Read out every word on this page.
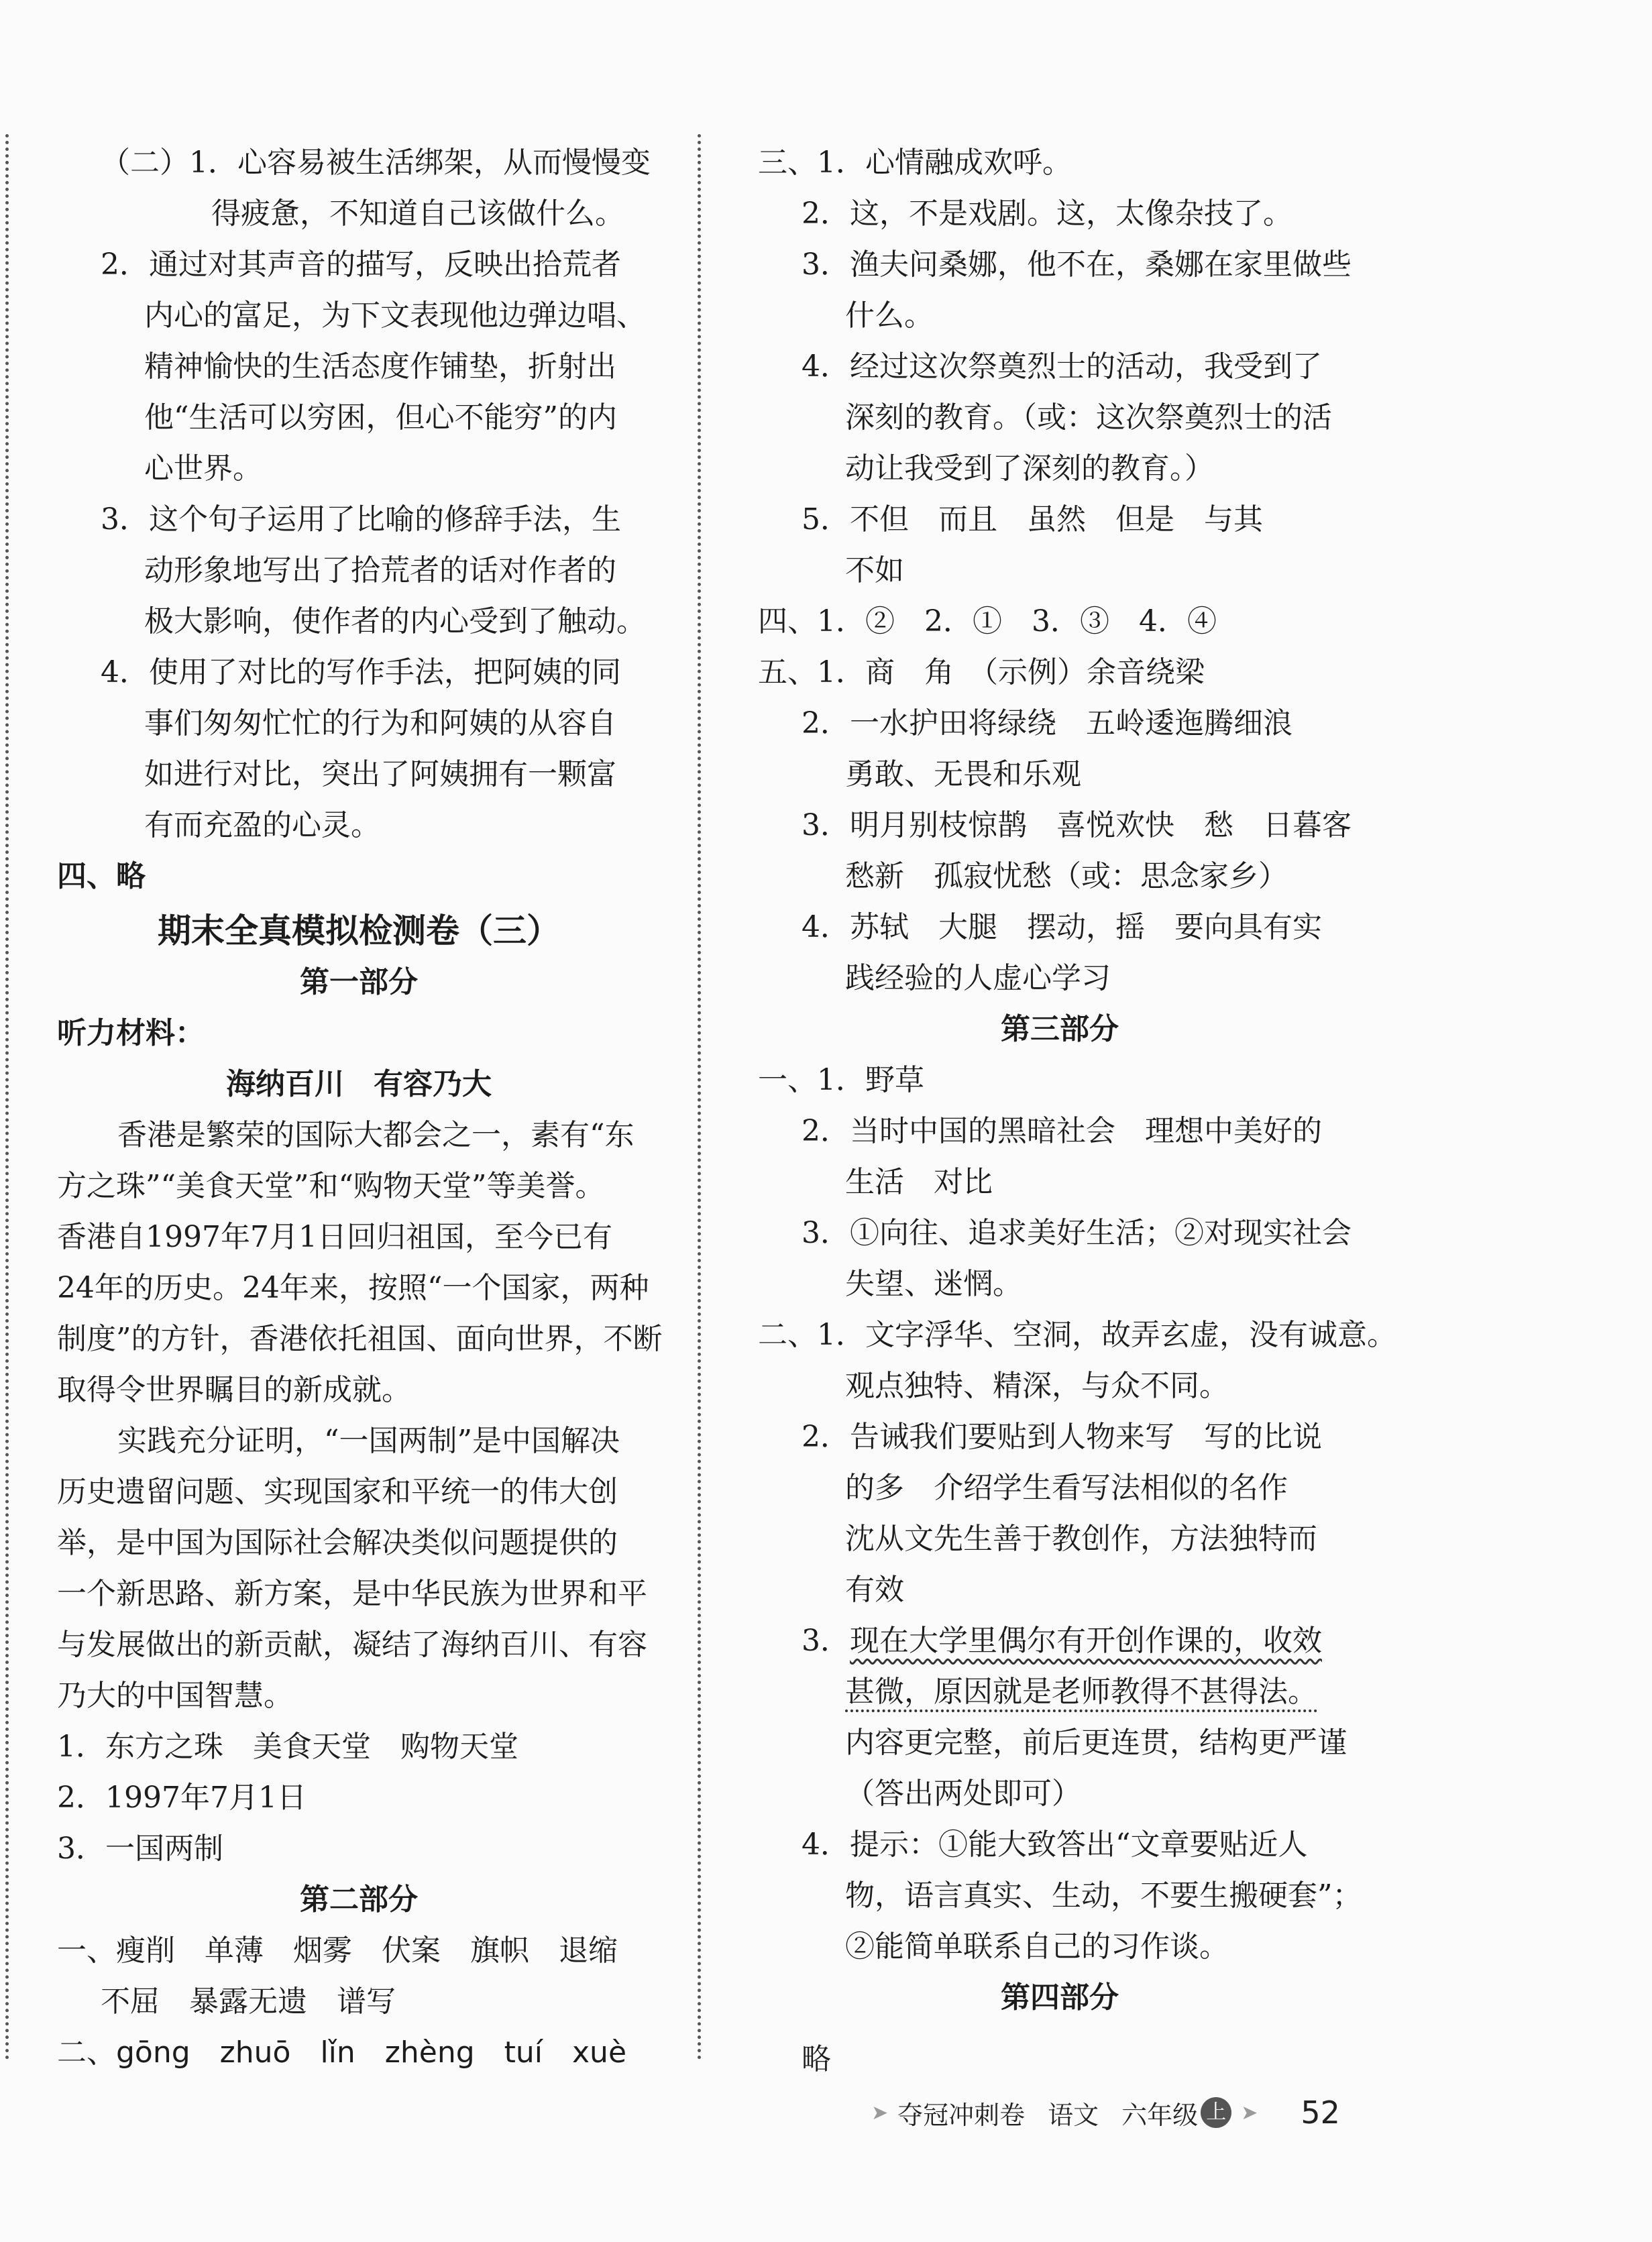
（二）1．心容易被生活绑架，从而慢慢变
得疲惫，不知道自己该做什么。
2．通过对其声音的描写，反映出拾荒者
内心的富足，为下文表现他边弹边唱、
精神愉快的生活态度作铺垫，折射出
他“生活可以穷困，但心不能穷”的内
心世界。
3．这个句子运用了比喻的修辞手法，生
动形象地写出了拾荒者的话对作者的
极大影响，使作者的内心受到了触动。
4．使用了对比的写作手法，把阿姨的同
事们匆匆忙忙的行为和阿姨的从容自
如进行对比，突出了阿姨拥有一颗富
有而充盈的心灵。
四、略
期末全真模拟检测卷（三）
第一部分
听力材料：
海纳百川　有容乃大
香港是繁荣的国际大都会之一，素有“东
方之珠”“美食天堂”和“购物天堂”等美誉。
香港自1997年7月1日回归祖国，至今已有
24年的历史。24年来，按照“一个国家，两种
制度”的方针，香港依托祖国、面向世界，不断
取得令世界瞩目的新成就。
实践充分证明，“一国两制”是中国解决
历史遗留问题、实现国家和平统一的伟大创
举，是中国为国际社会解决类似问题提供的
一个新思路、新方案，是中华民族为世界和平
与发展做出的新贡献，凝结了海纳百川、有容
乃大的中国智慧。
1．东方之珠　美食天堂　购物天堂
2．1997年7月1日
3．一国两制
第二部分
一、瘦削　单薄　烟雾　伏案　旗帜　退缩
不屈　暴露无遗　谱写
二、gōng　zhuō　lǐn　zhèng　tuí　xuè
三、1．心情融成欢呼。
2．这，不是戏剧。这，太像杂技了。
3．渔夫问桑娜，他不在，桑娜在家里做些
什么。
4．经过这次祭奠烈士的活动，我受到了
深刻的教育。（或：这次祭奠烈士的活
动让我受到了深刻的教育。）
5．不但　而且　虽然　但是　与其
不如
四、1．②　2．①　3．③　4．④
五、1．商　角　（示例）余音绕梁
2．一水护田将绿绕　五岭逶迤腾细浪
勇敢、无畏和乐观
3．明月别枝惊鹊　喜悦欢快　愁　日暮客
愁新　孤寂忧愁（或：思念家乡）
4．苏轼　大腿　摆动，摇　要向具有实
践经验的人虚心学习
第三部分
一、1．野草
2．当时中国的黑暗社会　理想中美好的
生活　对比
3．①向往、追求美好生活；②对现实社会
失望、迷惘。
二、1．文字浮华、空洞，故弄玄虚，没有诚意。
观点独特、精深，与众不同。
2．告诫我们要贴到人物来写　写的比说
的多　介绍学生看写法相似的名作
沈从文先生善于教创作，方法独特而
有效
3．现在大学里偶尔有开创作课的，收效
甚微，原因就是老师教得不甚得法。
内容更完整，前后更连贯，结构更严谨
（答出两处即可）
4．提示：①能大致答出“文章要贴近人
物，语言真实、生动，不要生搬硬套”；
②能简单联系自己的习作谈。
第四部分
略
➤ 夺冠冲刺卷 语文 六年级 上 ➤ 52
